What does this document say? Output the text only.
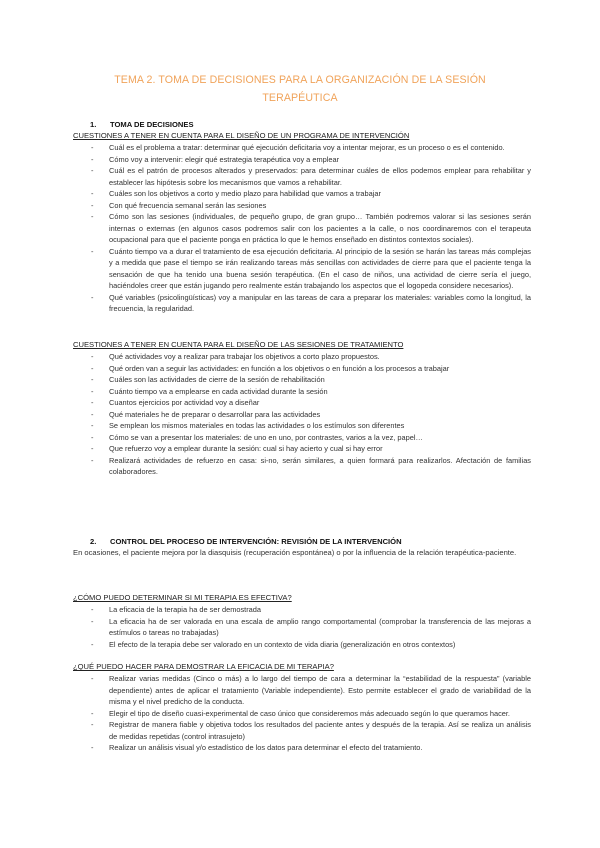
TEMA 2. TOMA DE DECISIONES PARA LA ORGANIZACIÓN DE LA SESIÓN
TERAPÉUTICA
1. TOMA DE DECISIONES
CUESTIONES A TENER EN CUENTA PARA EL DISEÑO DE UN PROGRAMA DE INTERVENCIÓN
- Cuál es el problema a tratar: determinar qué ejecución deficitaria voy a intentar mejorar, es un proceso o es el contenido.
- Cómo voy a intervenir: elegir qué estrategia terapéutica voy a emplear
- Cuál es el patrón de procesos alterados y preservados: para determinar cuáles de ellos podemos emplear para rehabilitar y establecer las hipótesis sobre los mecanismos que vamos a rehabilitar.
- Cuáles son los objetivos a corto y medio plazo para habilidad que vamos a trabajar
- Con qué frecuencia semanal serán las sesiones
- Cómo son las sesiones (individuales, de pequeño grupo, de gran grupo… También podremos valorar si las sesiones serán internas o externas (en algunos casos podremos salir con los pacientes a la calle, o nos coordinaremos con el terapeuta ocupacional para que el paciente ponga en práctica lo que le hemos enseñado en distintos contextos sociales).
- Cuánto tiempo va a durar el tratamiento de esa ejecución deficitaria. Al principio de la sesión se harán las tareas más complejas y a medida que pase el tiempo se irán realizando tareas más sencillas con actividades de cierre para que el paciente tenga la sensación de que ha tenido una buena sesión terapéutica. (En el caso de niños, una actividad de cierre sería el juego, haciéndoles creer que están jugando pero realmente están trabajando los aspectos que el logopeda considere necesarios).
- Qué variables (psicolingüísticas) voy a manipular en las tareas de cara a preparar los materiales: variables como la longitud, la frecuencia, la regularidad.
CUESTIONES A TENER EN CUENTA PARA EL DISEÑO DE LAS SESIONES DE TRATAMIENTO
- Qué actividades voy a realizar para trabajar los objetivos a corto plazo propuestos.
- Qué orden van a seguir las actividades: en función a los objetivos o en función a los procesos a trabajar
- Cuáles son las actividades de cierre de la sesión de rehabilitación
- Cuánto tiempo va a emplearse en cada actividad durante la sesión
- Cuantos ejercicios por actividad voy a diseñar
- Qué materiales he de preparar o desarrollar para las actividades
- Se emplean los mismos materiales en todas las actividades o los estímulos son diferentes
- Cómo se van a presentar los materiales: de uno en uno, por contrastes, varios a la vez, papel…
- Que refuerzo voy a emplear durante la sesión: cual si hay acierto y cual si hay error
- Realizará actividades de refuerzo en casa: si-no, serán similares, a quien formará para realizarlos. Afectación de familias colaboradores.
2. CONTROL DEL PROCESO DE INTERVENCIÓN: REVISIÓN DE LA INTERVENCIÓN
En ocasiones, el paciente mejora por la diasquisis (recuperación espontánea) o por la influencia de la relación terapéutica-paciente.
¿CÓMO PUEDO DETERMINAR SI MI TERAPIA ES EFECTIVA?
- La eficacia de la terapia ha de ser demostrada
- La eficacia ha de ser valorada en una escala de amplio rango comportamental (comprobar la transferencia de las mejoras a estímulos o tareas no trabajadas)
- El efecto de la terapia debe ser valorado en un contexto de vida diaria (generalización en otros contextos)
¿QUÉ PUEDO HACER PARA DEMOSTRAR LA EFICACIA DE MI TERAPIA?
- Realizar varias medidas (Cinco o más) a lo largo del tiempo de cara a determinar la “estabilidad de la respuesta” (variable dependiente) antes de aplicar el tratamiento (Variable independiente). Esto permite establecer el grado de variabilidad de la misma y el nivel predicho de la conducta.
- Elegir el tipo de diseño cuasi-experimental de caso único que consideremos más adecuado según lo que queramos hacer.
- Registrar de manera fiable y objetiva todos los resultados del paciente antes y después de la terapia. Así se realiza un análisis de medidas repetidas (control intrasujeto)
- Realizar un análisis visual y/o estadístico de los datos para determinar el efecto del tratamiento.
